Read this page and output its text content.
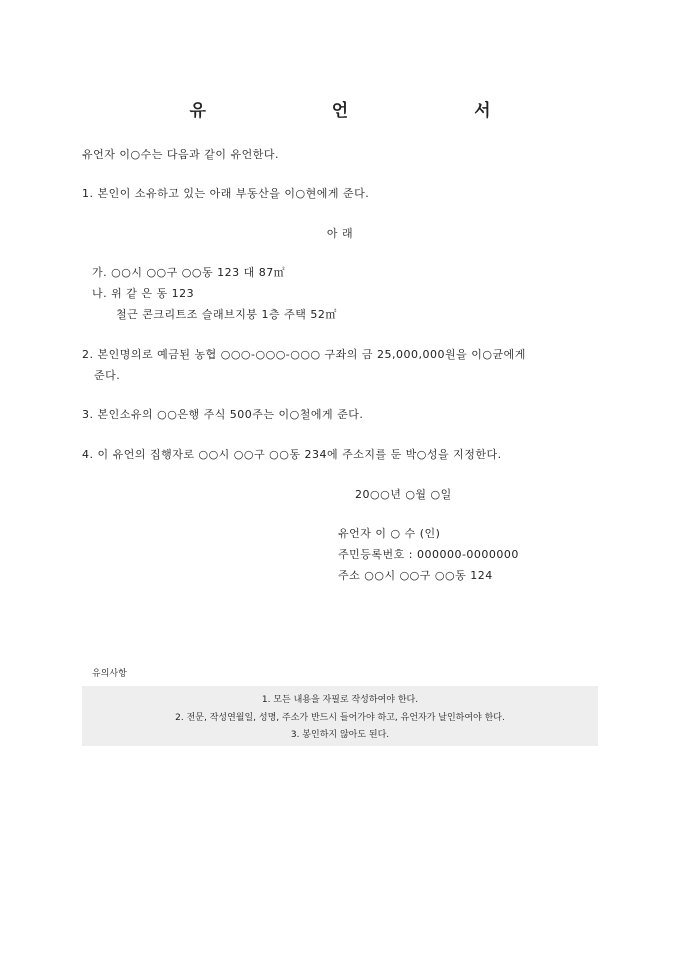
유 언 서
유언자 이○수는 다음과 같이 유언한다.
1. 본인이 소유하고 있는 아래 부동산을 이○현에게 준다.
아 래
가. ○○시 ○○구 ○○동 123 대 87㎡
나. 위 같 은 동 123
철근 콘크리트조 슬래브지붕 1층 주택 52㎡
2. 본인명의로 예금된 농협 ○○○-○○○-○○○ 구좌의 금 25,000,000원을 이○균에게
준다.
3. 본인소유의 ○○은행 주식 500주는 이○철에게 준다.
4. 이 유언의 집행자로 ○○시 ○○구 ○○동 234에 주소지를 둔 박○성을 지정한다.
20○○년 ○월 ○일
유언자 이 ○ 수 (인)
주민등록번호 : 000000-0000000
주소 ○○시 ○○구 ○○동 124
유의사항
1. 모든 내용을 자필로 작성하여야 한다.
2. 전문, 작성연월일, 성명, 주소가 반드시 들어가야 하고, 유언자가 날인하여야 한다.
3. 봉인하지 않아도 된다.
